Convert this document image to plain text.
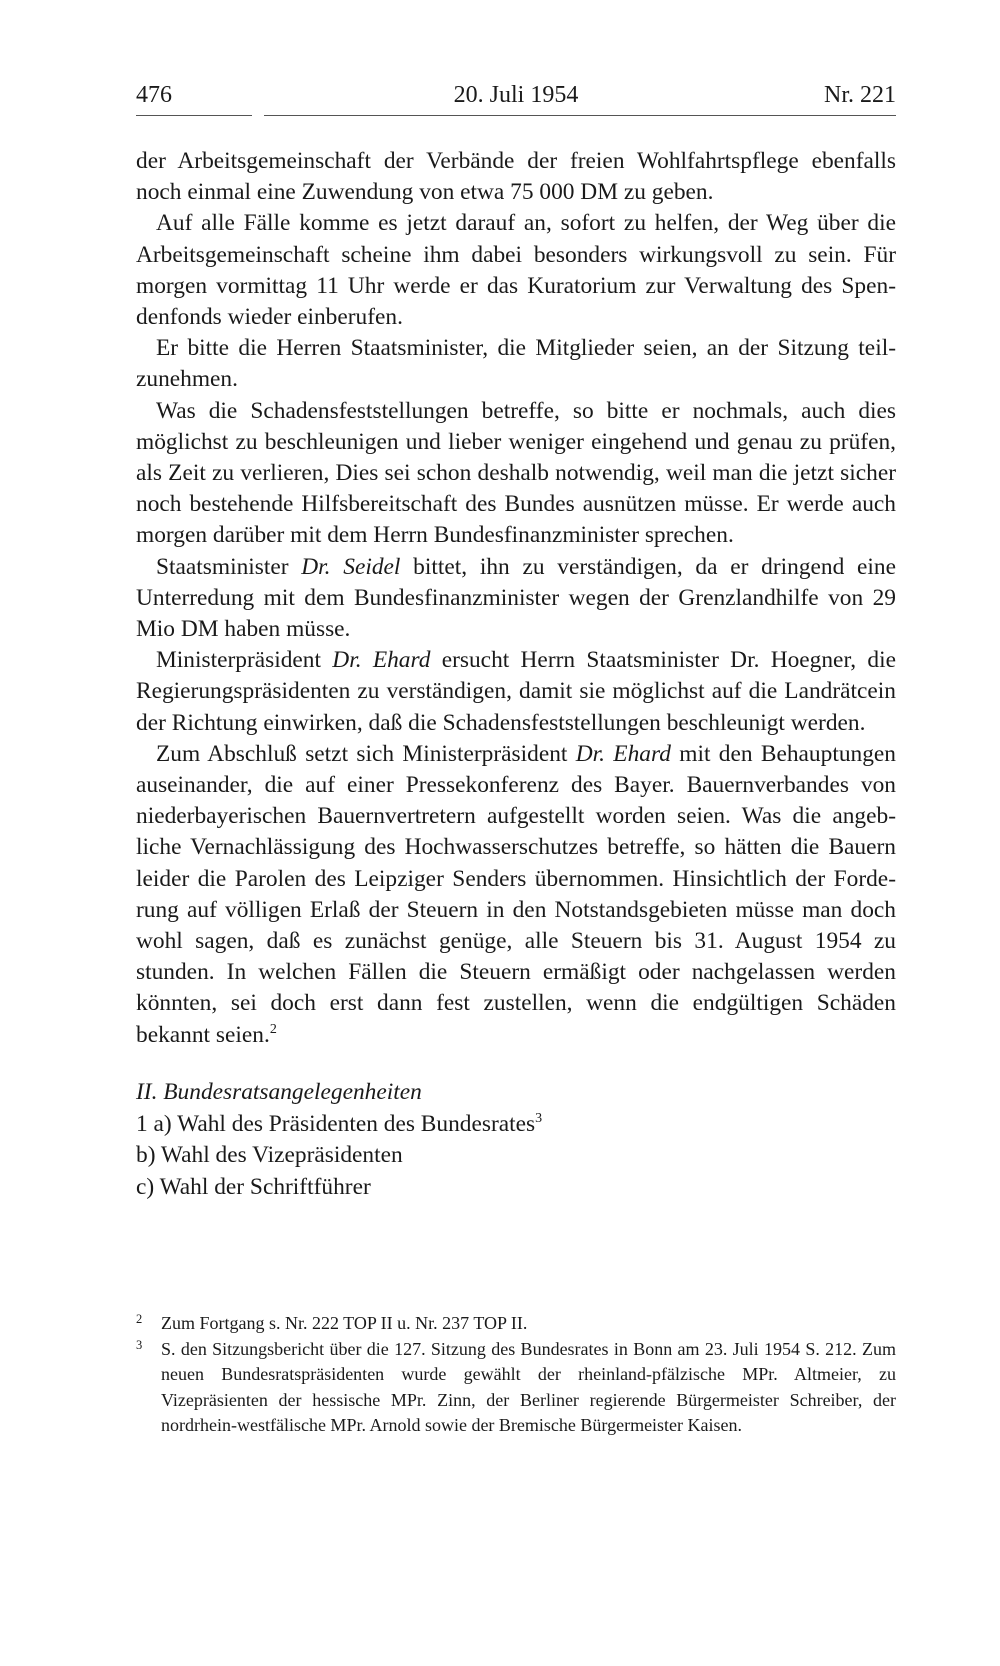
476	20. Juli 1954	Nr. 221

der Arbeitsgemeinschaft der Verbände der freien Wohlfahrtspflege ebenfalls noch einmal eine Zuwendung von etwa 75 000 DM zu geben.

Auf alle Fälle komme es jetzt darauf an, sofort zu helfen, der Weg über die Arbeitsgemeinschaft scheine ihm dabei besonders wirkungsvoll zu sein. Für morgen vormittag 11 Uhr werde er das Kuratorium zur Verwaltung des Spendenfonds wieder einberufen.

Er bitte die Herren Staatsminister, die Mitglieder seien, an der Sitzung teilzunehmen.

Was die Schadensfeststellungen betreffe, so bitte er nochmals, auch dies möglichst zu beschleunigen und lieber weniger eingehend und genau zu prüfen, als Zeit zu verlieren, Dies sei schon deshalb notwendig, weil man die jetzt sicher noch bestehende Hilfsbereitschaft des Bundes ausnützen müsse. Er werde auch morgen darüber mit dem Herrn Bundesfinanzminister sprechen.

Staatsminister Dr. Seidel bittet, ihn zu verständigen, da er dringend eine Unterredung mit dem Bundesfinanzminister wegen der Grenzlandhilfe von 29 Mio DM haben müsse.

Ministerpräsident Dr. Ehard ersucht Herrn Staatsminister Dr. Hoegner, die Regierungspräsidenten zu verständigen, damit sie möglichst auf die Landrätcein der Richtung einwirken, daß die Schadensfeststellungen beschleunigt werden.

Zum Abschluß setzt sich Ministerpräsident Dr. Ehard mit den Behauptungen auseinander, die auf einer Pressekonferenz des Bayer. Bauernverbandes von niederbayerischen Bauernvertretern aufgestellt worden seien. Was die angebliche Vernachlässigung des Hochwasserschutzes betreffe, so hätten die Bauern leider die Parolen des Leipziger Senders übernommen. Hinsichtlich der Forderung auf völligen Erlaß der Steuern in den Notstandsgebieten müsse man doch wohl sagen, daß es zunächst genüge, alle Steuern bis 31. August 1954 zu stunden. In welchen Fällen die Steuern ermäßigt oder nachgelassen werden könnten, sei doch erst dann fest zustellen, wenn die endgültigen Schäden bekannt seien.$^2$

II. Bundesratsangelegenheiten
1 a) Wahl des Präsidenten des Bundesrates$^3$
b) Wahl des Vizepräsidenten
c) Wahl der Schriftführer
2 Zum Fortgang s. Nr. 222 TOP II u. Nr. 237 TOP II.
3 S. den Sitzungsbericht über die 127. Sitzung des Bundesrates in Bonn am 23. Juli 1954 S. 212. Zum neuen Bundesratspräsidenten wurde gewählt der rheinland-pfälzische MPr. Altmeier, zu Vizepräsienten der hessische MPr. Zinn, der Berliner regierende Bürgermeister Schreiber, der nordrhein-westfälische MPr. Arnold sowie der Bremische Bürgermeister Kaisen.
